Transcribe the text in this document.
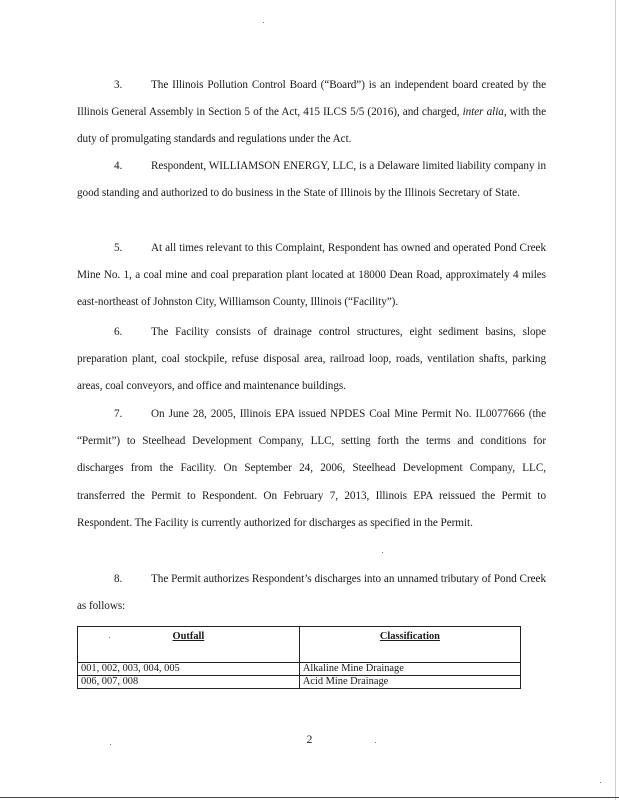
3.	The Illinois Pollution Control Board (“Board”) is an independent board created by the Illinois General Assembly in Section 5 of the Act, 415 ILCS 5/5 (2016), and charged, inter alia, with the duty of promulgating standards and regulations under the Act.

4.	Respondent, WILLIAMSON ENERGY, LLC, is a Delaware limited liability company in good standing and authorized to do business in the State of Illinois by the Illinois Secretary of State.

5.	At all times relevant to this Complaint, Respondent has owned and operated Pond Creek Mine No. 1, a coal mine and coal preparation plant located at 18000 Dean Road, approximately 4 miles east-northeast of Johnston City, Williamson County, Illinois (“Facility”).

6.	The Facility consists of drainage control structures, eight sediment basins, slope preparation plant, coal stockpile, refuse disposal area, railroad loop, roads, ventilation shafts, parking areas, coal conveyors, and office and maintenance buildings.

7.	On June 28, 2005, Illinois EPA issued NPDES Coal Mine Permit No. IL0077666 (the “Permit”) to Steelhead Development Company, LLC, setting forth the terms and conditions for discharges from the Facility. On September 24, 2006, Steelhead Development Company, LLC, transferred the Permit to Respondent. On February 7, 2013, Illinois EPA reissued the Permit to Respondent. The Facility is currently authorized for discharges as specified in the Permit.

8.	The Permit authorizes Respondent’s discharges into an unnamed tributary of Pond Creek as follows:

Outfall	Classification
001, 002, 003, 004, 005	Alkaline Mine Drainage
006, 007, 008	Acid Mine Drainage
2
